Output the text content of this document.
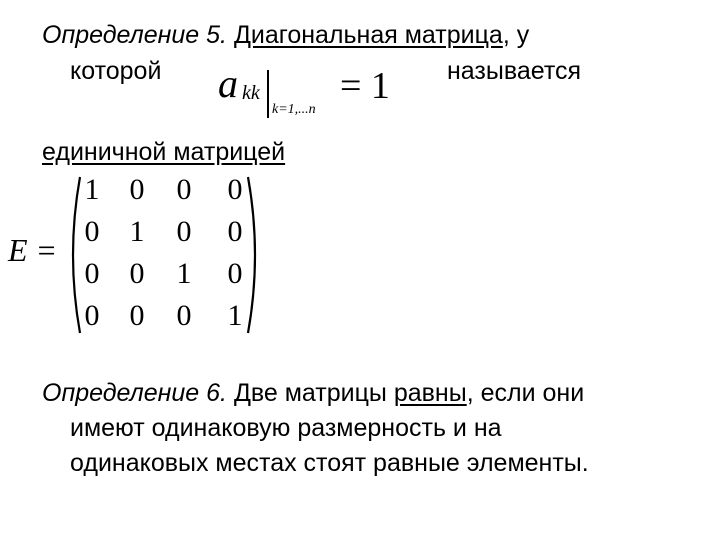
Определение 5. Диагональная матрица, у
которой	называется
a kk
k=1,...n
= 1
единичной матрицей
E =
1	0	0	0
0	1	0	0
0	0	1	0
0	0	0	1
Определение 6. Две матрицы равны, если они
имеют одинаковую размерность и на
одинаковых местах стоят равные элементы.
